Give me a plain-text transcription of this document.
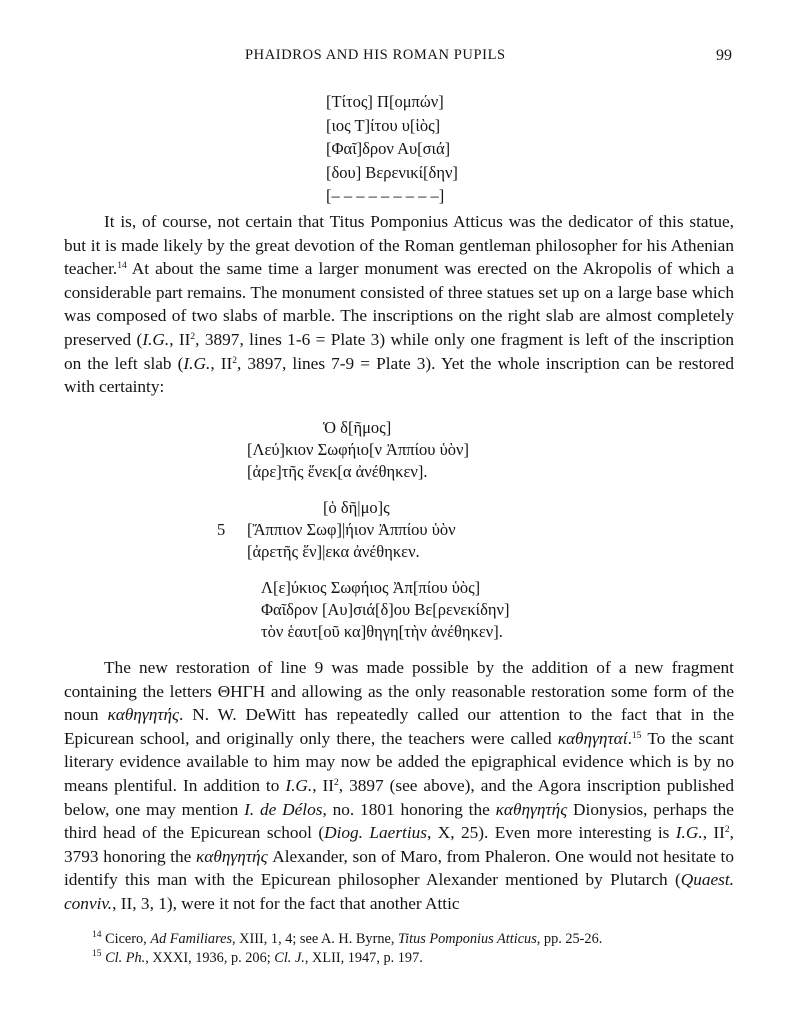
PHAIDROS AND HIS ROMAN PUPILS	99
[Τίτος] Π[ομπών]
[ιος Τ]ίτου υ[ἱὸς]
[Φαῖ]δρον Αυ[σιά]
[δου] Βερενικί[δην]
[– – – – – – – – –]

It is, of course, not certain that Titus Pomponius Atticus was the dedicator of this statue, but it is made likely by the great devotion of the Roman gentleman philosopher for his Athenian teacher.$^{14}$ At about the same time a larger monument was erected on the Akropolis of which a considerable part remains. The monument consisted of three statues set up on a large base which was composed of two slabs of marble. The inscriptions on the right slab are almost completely preserved (I.G., $II^2$, 3897, lines 1-6 = Plate 3) while only one fragment is left of the inscription on the left slab (I.G., $II^2$, 3897, lines 7-9 = Plate 3). Yet the whole inscription can be restored with certainty:

Ὁ δ[ῆμος]
[Λεύ]κιον Σωφήιο[ν Ἀππίου ὑὸν]
[ἀρε]τῆς ἕνεκ[α ἀνέθηκεν].
[ὁ δῆ|μο]ς
5 [Ἄππιον Σωφ]|ήιον Ἀππίου ὑὸν
[ἀρετῆς ἕν]|εκα ἀνέθηκεν.
Λ[ε]ύκιος Σωφήιος Ἀπ[πίου ὑὸς]
Φαῖδρον [Αυ]σιά[δ]ου Βε[ρενεκίδην]
τὸν ἑαυτ[οῦ κα]θηγη[τὴν ἀνέθηκεν].

The new restoration of line 9 was made possible by the addition of a new fragment containing the letters ΘΗΓΗ and allowing as the only reasonable restoration some form of the noun καθηγητής. N. W. DeWitt has repeatedly called our attention to the fact that in the Epicurean school, and originally only there, the teachers were called καθηγηταί.$^{15}$ To the scant literary evidence available to him may now be added the epigraphical evidence which is by no means plentiful. In addition to I.G., $II^2$, 3897 (see above), and the Agora inscription published below, one may mention I. de Délos, no. 1801 honoring the καθηγητής Dionysios, perhaps the third head of the Epicurean school (Diog. Laertius, X, 25). Even more interesting is I.G., $II^2$, 3793 honoring the καθηγητής Alexander, son of Maro, from Phaleron. One would not hesitate to identify this man with the Epicurean philosopher Alexander mentioned by Plutarch (Quaest. conviv., II, 3, 1), were it not for the fact that another Attic

$^{14}$ Cicero, Ad Familiares, XIII, 1, 4; see A. H. Byrne, Titus Pomponius Atticus, pp. 25-26.
$^{15}$ Cl. Ph., XXXI, 1936, p. 206; Cl. J., XLII, 1947, p. 197.
